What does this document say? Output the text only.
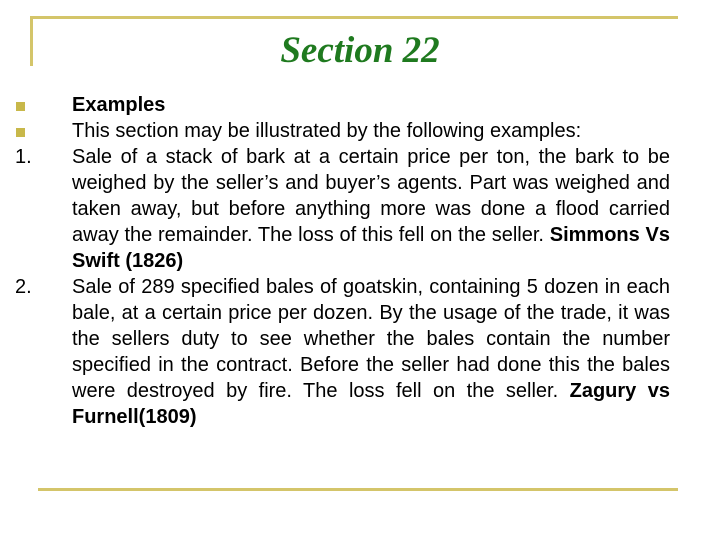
Section 22
Examples
This section may be illustrated by the following examples:
1.	Sale of a stack of bark at a certain price per ton, the bark to be weighed by the seller’s and buyer’s agents. Part was weighed and taken away, but before anything more was done a flood carried away the remainder. The loss of this fell on the seller. Simmons Vs Swift (1826)
2.	Sale of 289 specified bales of goatskin, containing 5 dozen in each bale, at a certain price per dozen. By the usage of the trade, it was the sellers duty to see whether the bales contain the number specified in the contract. Before the seller had done this the bales were destroyed by fire. The loss fell on the seller. Zagury vs Furnell(1809)
